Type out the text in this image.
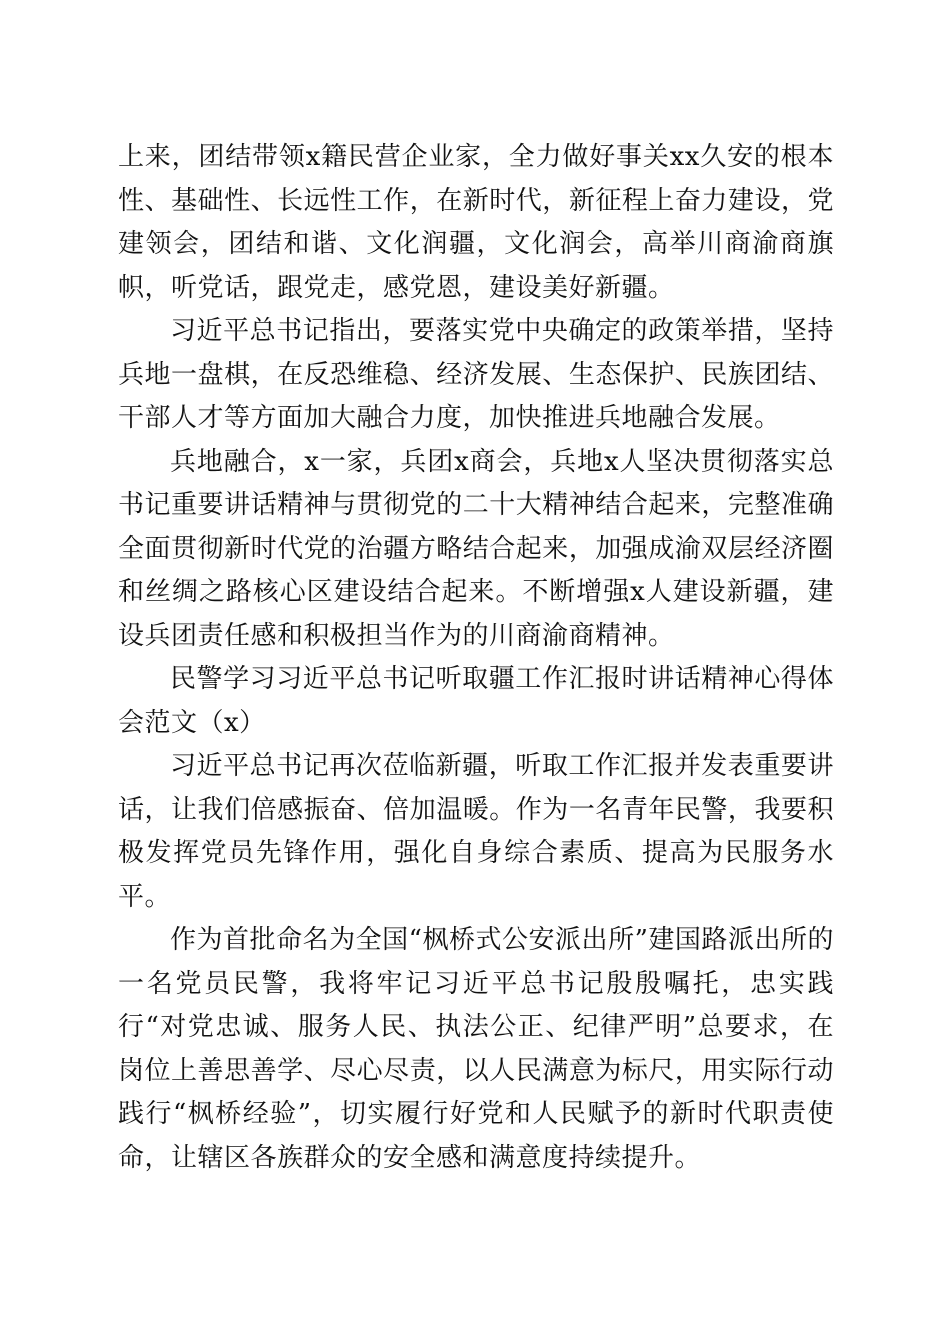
上来，团结带领x籍民营企业家，全力做好事关xx久安的根本性、基础性、长远性工作，在新时代，新征程上奋力建设，党建领会，团结和谐、文化润疆，文化润会，高举川商渝商旗帜，听党话，跟党走，感党恩，建设美好新疆。

习近平总书记指出，要落实党中央确定的政策举措，坚持兵地一盘棋，在反恐维稳、经济发展、生态保护、民族团结、干部人才等方面加大融合力度，加快推进兵地融合发展。

兵地融合，x一家，兵团x商会，兵地x人坚决贯彻落实总书记重要讲话精神与贯彻党的二十大精神结合起来，完整准确全面贯彻新时代党的治疆方略结合起来，加强成渝双层经济圈和丝绸之路核心区建设结合起来。不断增强x人建设新疆，建设兵团责任感和积极担当作为的川商渝商精神。

民警学习习近平总书记听取疆工作汇报时讲话精神心得体会范文（x）

习近平总书记再次莅临新疆，听取工作汇报并发表重要讲话，让我们倍感振奋、倍加温暖。作为一名青年民警，我要积极发挥党员先锋作用，强化自身综合素质、提高为民服务水平。

作为首批命名为全国“枫桥式公安派出所”建国路派出所的一名党员民警，我将牢记习近平总书记殷殷嘱托，忠实践行“对党忠诚、服务人民、执法公正、纪律严明”总要求，在岗位上善思善学、尽心尽责，以人民满意为标尺，用实际行动践行“枫桥经验”，切实履行好党和人民赋予的新时代职责使命，让辖区各族群众的安全感和满意度持续提升。
